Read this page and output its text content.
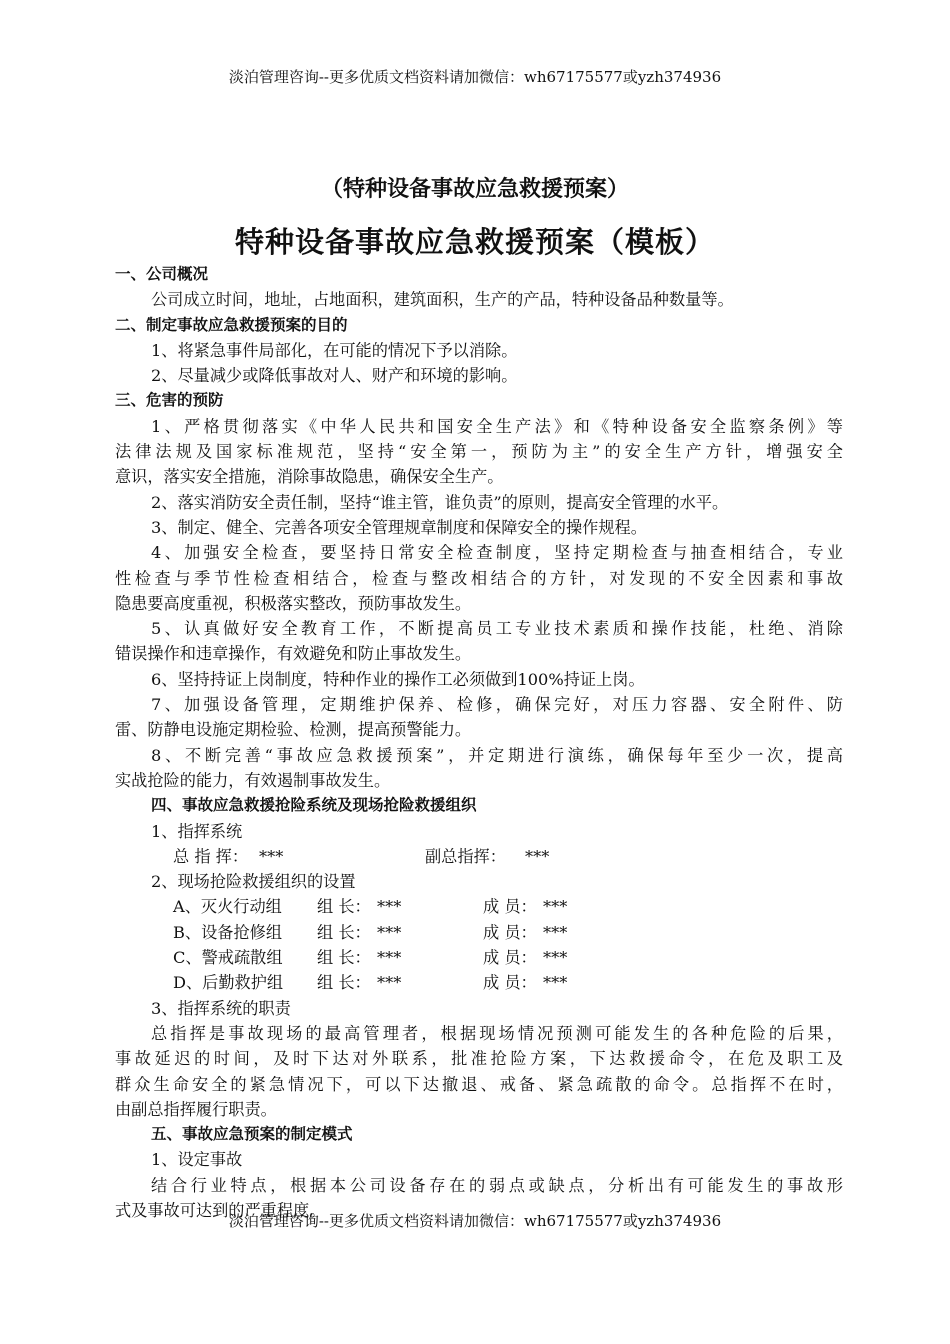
淡泊管理咨询--更多优质文档资料请加微信：wh67175577或yzh374936
（特种设备事故应急救援预案）
特种设备事故应急救援预案（模板）
一、公司概况
公司成立时间，地址，占地面积，建筑面积，生产的产品，特种设备品种数量等。
二、制定事故应急救援预案的目的
1、将紧急事件局部化，在可能的情况下予以消除。
2、尽量减少或降低事故对人、财产和环境的影响。
三、危害的预防
1、严格贯彻落实《中华人民共和国安全生产法》和《特种设备安全监察条例》等
法律法规及国家标准规范，坚持“安全第一，预防为主”的安全生产方针，增强安全
意识，落实安全措施，消除事故隐患，确保安全生产。
2、落实消防安全责任制，坚持“谁主管，谁负责”的原则，提高安全管理的水平。
3、制定、健全、完善各项安全管理规章制度和保障安全的操作规程。
4、加强安全检查，要坚持日常安全检查制度，坚持定期检查与抽查相结合，专业
性检查与季节性检查相结合，检查与整改相结合的方针，对发现的不安全因素和事故
隐患要高度重视，积极落实整改，预防事故发生。
5、认真做好安全教育工作，不断提高员工专业技术素质和操作技能，杜绝、消除
错误操作和违章操作，有效避免和防止事故发生。
6、坚持持证上岗制度，特种作业的操作工必须做到100%持证上岗。
7、加强设备管理，定期维护保养、检修，确保完好，对压力容器、安全附件、防
雷、防静电设施定期检验、检测，提高预警能力。
8、不断完善“事故应急救援预案”，并定期进行演练，确保每年至少一次，提高
实战抢险的能力，有效遏制事故发生。
四、事故应急救援抢险系统及现场抢险救援组织
1、指挥系统
总 指 挥： ***	副总指挥：	***
2、现场抢险救援组织的设置
A、灭火行动组	组 长： ***	成 员： ***
B、设备抢修组	组 长： ***	成 员： ***
C、警戒疏散组	组 长： ***	成 员： ***
D、后勤救护组	组 长： ***	成 员： ***
3、指挥系统的职责
总指挥是事故现场的最高管理者，根据现场情况预测可能发生的各种危险的后果，
事故延迟的时间，及时下达对外联系，批准抢险方案，下达救援命令，在危及职工及
群众生命安全的紧急情况下，可以下达撤退、戒备、紧急疏散的命令。总指挥不在时，
由副总指挥履行职责。
五、事故应急预案的制定模式
1、设定事故
结合行业特点，根据本公司设备存在的弱点或缺点，分析出有可能发生的事故形
式及事故可达到的严重程度。
淡泊管理咨询--更多优质文档资料请加微信：wh67175577或yzh374936
